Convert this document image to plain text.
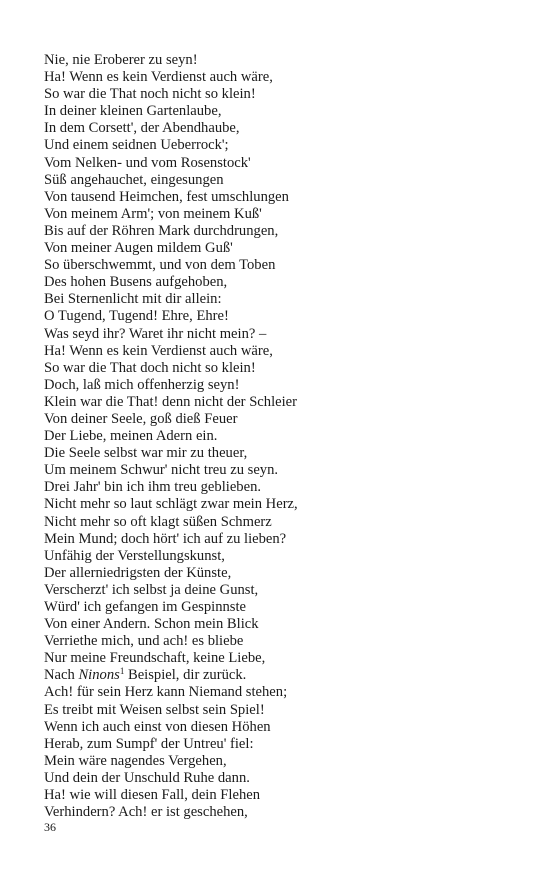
Nie, nie Eroberer zu seyn!
Ha! Wenn es kein Verdienst auch wäre,
So war die That noch nicht so klein!
In deiner kleinen Gartenlaube,
In dem Corsett', der Abendhaube,
Und einem seidnen Ueberrock';
Vom Nelken- und vom Rosenstock'
Süß angehauchet, eingesungen
Von tausend Heimchen, fest umschlungen
Von meinem Arm'; von meinem Kuß'
Bis auf der Röhren Mark durchdrungen,
Von meiner Augen mildem Guß'
So überschwemmt, und von dem Toben
Des hohen Busens aufgehoben,
Bei Sternenlicht mit dir allein:
O Tugend, Tugend! Ehre, Ehre!
Was seyd ihr? Waret ihr nicht mein? –
Ha! Wenn es kein Verdienst auch wäre,
So war die That doch nicht so klein!
Doch, laß mich offenherzig seyn!
Klein war die That! denn nicht der Schleier
Von deiner Seele, goß dieß Feuer
Der Liebe, meinen Adern ein.
Die Seele selbst war mir zu theuer,
Um meinem Schwur' nicht treu zu seyn.
Drei Jahr' bin ich ihm treu geblieben.
Nicht mehr so laut schlägt zwar mein Herz,
Nicht mehr so oft klagt süßen Schmerz
Mein Mund; doch hört' ich auf zu lieben?
Unfähig der Verstellungskunst,
Der allerniedrigsten der Künste,
Verscherzt' ich selbst ja deine Gunst,
Würd' ich gefangen im Gespinnste
Von einer Andern. Schon mein Blick
Verriethe mich, und ach! es bliebe
Nur meine Freundschaft, keine Liebe,
Nach Ninons$^1$ Beispiel, dir zurück.
Ach! für sein Herz kann Niemand stehen;
Es treibt mit Weisen selbst sein Spiel!
Wenn ich auch einst von diesen Höhen
Herab, zum Sumpf' der Untreu' fiel:
Mein wäre nagendes Vergehen,
Und dein der Unschuld Ruhe dann.
Ha! wie will diesen Fall, dein Flehen
Verhindern? Ach! er ist geschehen,
36
